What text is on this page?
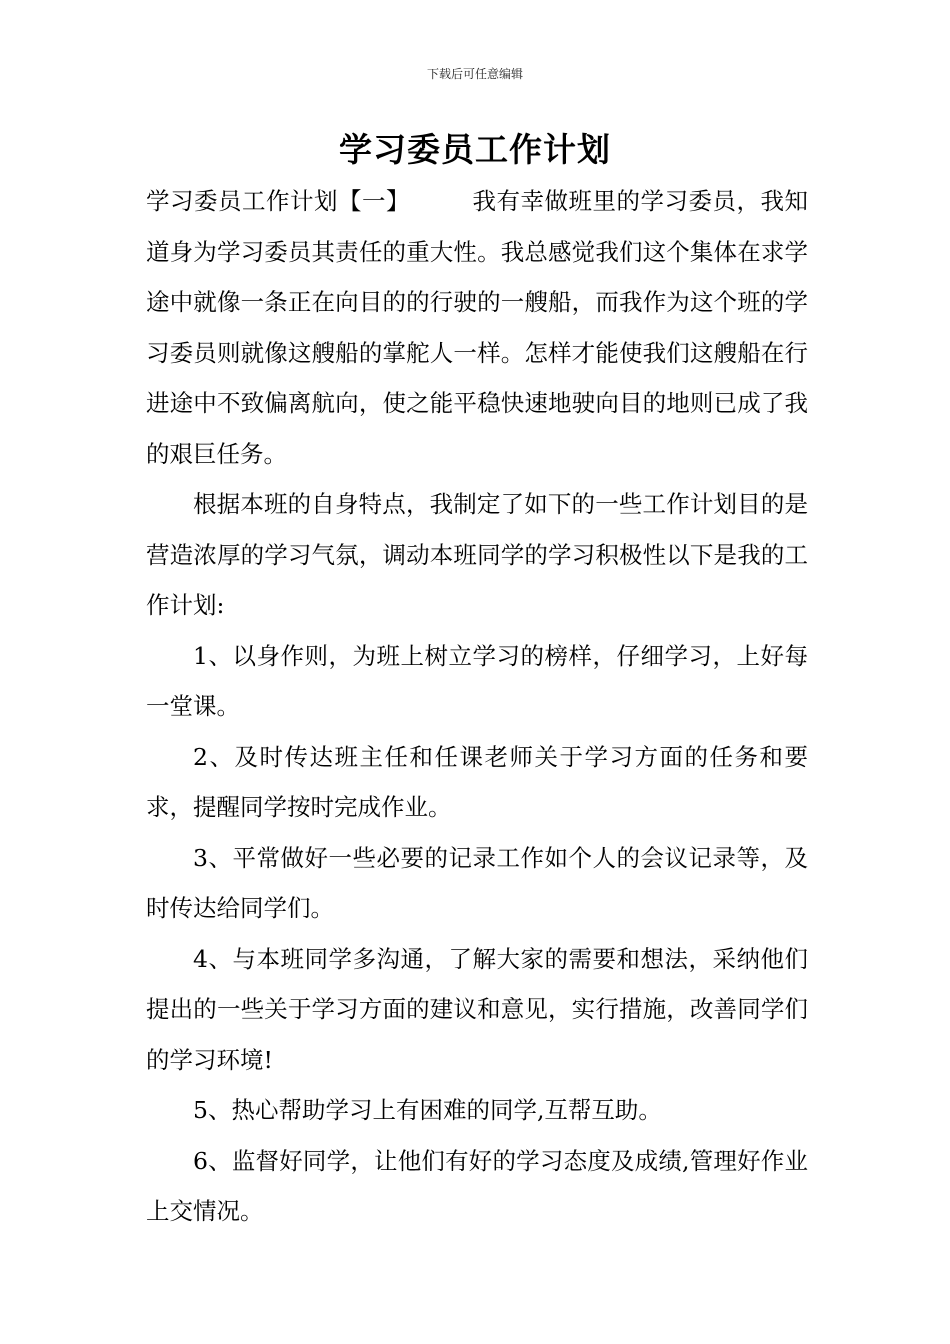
下载后可任意编辑
学习委员工作计划

学习委员工作计划【一】	我有幸做班里的学习委员，我知道身为学习委员其责任的重大性。我总感觉我们这个集体在求学途中就像一条正在向目的的行驶的一艘船，而我作为这个班的学习委员则就像这艘船的掌舵人一样。怎样才能使我们这艘船在行进途中不致偏离航向，使之能平稳快速地驶向目的地则已成了我的艰巨任务。

根据本班的自身特点，我制定了如下的一些工作计划目的是营造浓厚的学习气氛，调动本班同学的学习积极性以下是我的工作计划:

1、以身作则，为班上树立学习的榜样，仔细学习，上好每一堂课。

2、及时传达班主任和任课老师关于学习方面的任务和要求，提醒同学按时完成作业。

3、平常做好一些必要的记录工作如个人的会议记录等，及时传达给同学们。

4、与本班同学多沟通，了解大家的需要和想法，采纳他们提出的一些关于学习方面的建议和意见，实行措施，改善同学们的学习环境!

5、热心帮助学习上有困难的同学,互帮互助。

6、监督好同学，让他们有好的学习态度及成绩,管理好作业上交情况。
